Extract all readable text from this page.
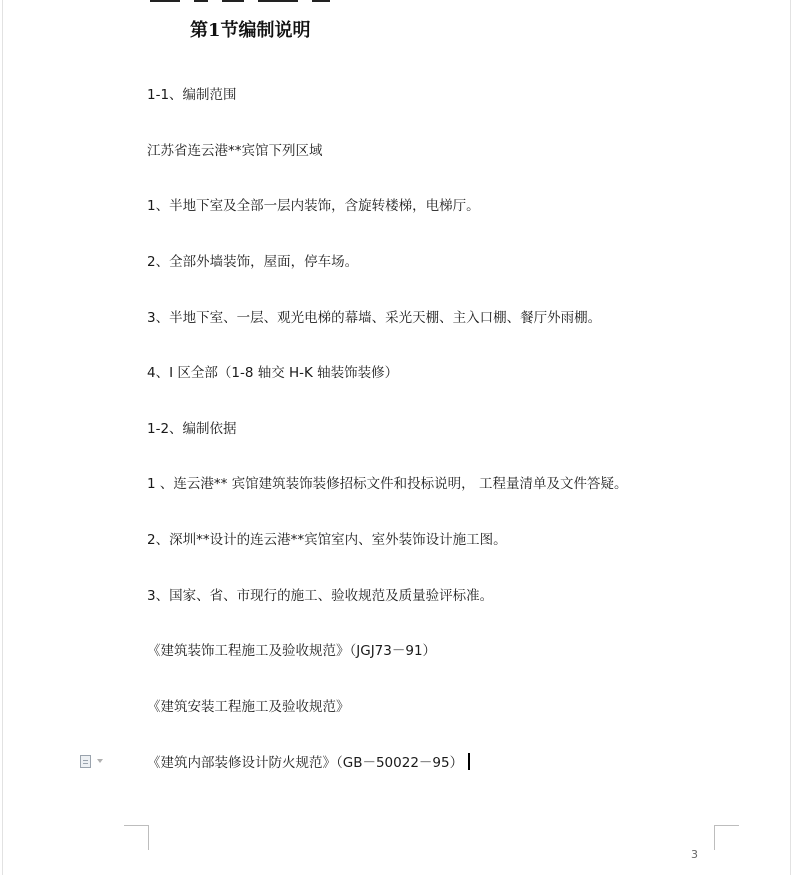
第1节编制说明
1-1、编制范围
江苏省连云港**宾馆下列区域
1、半地下室及全部一层内装饰，含旋转楼梯，电梯厅。
2、全部外墙装饰，屋面，停车场。
3、半地下室、一层、观光电梯的幕墙、采光天棚、主入口棚、餐厅外雨棚。
4、I 区全部（1-8 轴交 H-K 轴装饰装修）
1-2、编制依据
1 、连云港** 宾馆建筑装饰装修招标文件和投标说明， 工程量清单及文件答疑。
2、深圳**设计的连云港**宾馆室内、室外装饰设计施工图。
3、国家、省、市现行的施工、验收规范及质量验评标准。
《建筑装饰工程施工及验收规范》（JGJ73－91）
《建筑安装工程施工及验收规范》
《建筑内部装修设计防火规范》（GB－50022－95）
3
